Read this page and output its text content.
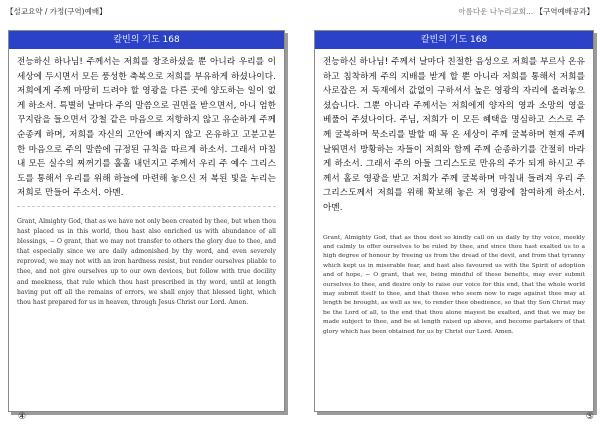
【설교요약 / 가정(구역)예배】
칼빈의 기도 168
전능하신 하나님! 주께서는 저희를 창조하셨을 뿐 아니라 우리를 이 세상에 두시면서 모든 풍성한 축복으로 저희를 부유하게 하셨나이다. 저희에게 주께 마땅히 드려야 할 영광을 다른 곳에 양도하는 일이 없게 하소서. 특별히 날마다 주의 말씀으로 권면을 받으면서, 아니 엄한 꾸지람을 들으면서 강철 같은 마음으로 저항하지 않고 유순하게 주께 순종케 하며, 저희를 자신의 고안에 빠지지 않고 온유하고 고분고분한 마음으로 주의 말씀에 규정된 규칙을 따르게 하소서. 그래서 마침내 모든 실수의 찌꺼기를 훌훌 내던지고 주께서 우리 주 예수 그리스도를 통해서 우리를 위해 하늘에 마련해 놓으신 저 복된 빛을 누리는 저희로 만들어 주소서. 아멘.
Grant, Almighty God, that as we have not only been created by thee, but when thou hast placed us in this world, thou hast also enriched us with abundance of all blessings, − O grant, that we may not transfer to others the glory due to thee, and that especially since we are daily admonished by thy word, and even severely reproved, we may not with an iron hardness resist, but render ourselves pliable to thee, and not give ourselves up to our own devices, but follow with true docility and meekness, that rule which thou hast prescribed in thy word, until at length having put off all the remains of errors, we shall enjoy that blessed light, which thou hast prepared for us in heaven, through Jesus Christ our Lord. Amen.
④
아름다운 나누리교회... 【구역예배공과】
칼빈의 기도 168
전능하신 하나님! 주께서 날마다 친절한 음성으로 저희를 부르사 온유하고 침착하게 주의 지배를 받게 할 뿐 아니라 저희를 통해서 저희를 사로잡은 저 독재에서 값없이 구하셔서 높은 영광의 자리에 올려놓으셨습니다. 그뿐 아니라 주께서는 저희에게 양자의 영과 소망의 영을 베풀어 주셨나이다. 주님, 저희가 이 모든 혜택을 명심하고 스스로 주께 굴복하며 묵소리를 발할 때 꼭 온 세상이 주께 굴복하며 현재 주께 날뛰면서 방황하는 자들이 저희와 함께 주께 순종하기를 간절히 바라게 하소서. 그래서 주의 아들 그리스도로 만유의 주가 되게 하시고 주께서 홀로 영광을 받고 저희가 주께 굴복하며 마침내 들려져 우리 주 그리스도께서 저희를 위해 확보해 놓은 저 영광에 참여하게 하소서. 아멘.
Grant, Almighty God, that as thou dost so kindly call on us daily by thy voice, meekly and calmly to offer ourselves to be ruled by thee, and since thou hast exalted us to a high degree of honour by freeing us from the dread of the devil, and from that tyranny which kept us in miserable fear, and hast also favoured us with the Spirit of adoption and of hope, − O grant, that we, being mindful of these benefits, may ever submit ourselves to thee, and desire only to raise our voice for this end, that the whole world may submit itself to thee, and that those who seem now to rage against thee may at length be brought, as well as we, to render thee obedience, so that thy Son Christ may be the Lord of all, to the end that thou alone mayest be exalted, and that we may be made subject to thee, and be at length raised up above, and become partakers of that glory which has been obtained for us by Christ our Lord. Amen.
⑤
